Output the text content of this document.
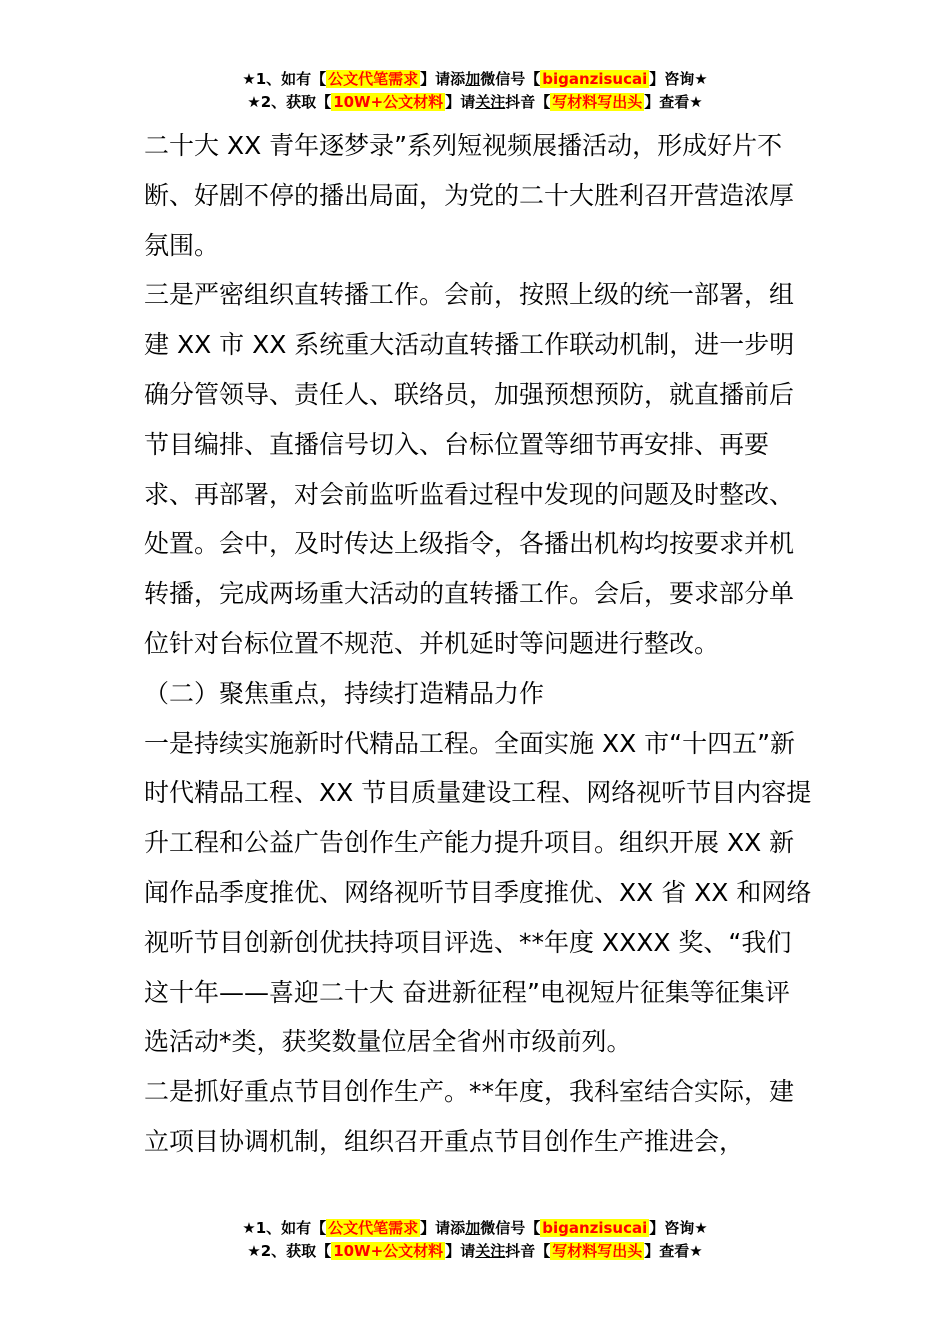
★1、如有【 公文代笔需求 】请添加微信号【 biganzisucai 】咨询★
★2、获取【 10W+公文材料 】请关注抖音【 写材料写出头 】查看★

二十大 XX 青年逐梦录”系列短视频展播活动，形成好片不断、好剧不停的播出局面，为党的二十大胜利召开营造浓厚氛围。

三是严密组织直转播工作。会前，按照上级的统一部署，组建 XX 市 XX 系统重大活动直转播工作联动机制，进一步明确分管领导、责任人、联络员，加强预想预防，就直播前后节目编排、直播信号切入、台标位置等细节再安排、再要求、再部署，对会前监听监看过程中发现的问题及时整改、处置。会中，及时传达上级指令，各播出机构均按要求并机转播，完成两场重大活动的直转播工作。会后，要求部分单位针对台标位置不规范、并机延时等问题进行整改。

（二）聚焦重点，持续打造精品力作

一是持续实施新时代精品工程。全面实施 XX 市“十四五”新时代精品工程、XX 节目质量建设工程、网络视听节目内容提升工程和公益广告创作生产能力提升项目。组织开展 XX 新闻作品季度推优、网络视听节目季度推优、XX 省 XX 和网络视听节目创新创优扶持项目评选、**年度 XXXX 奖、“我们这十年——喜迎二十大 奋进新征程”电视短片征集等征集评选活动*类，获奖数量位居全省州市级前列。

二是抓好重点节目创作生产。**年度，我科室结合实际，建立项目协调机制，组织召开重点节目创作生产推进会，

★1、如有【 公文代笔需求 】请添加微信号【 biganzisucai 】咨询★
★2、获取【 10W+公文材料 】请关注抖音【 写材料写出头 】查看★
